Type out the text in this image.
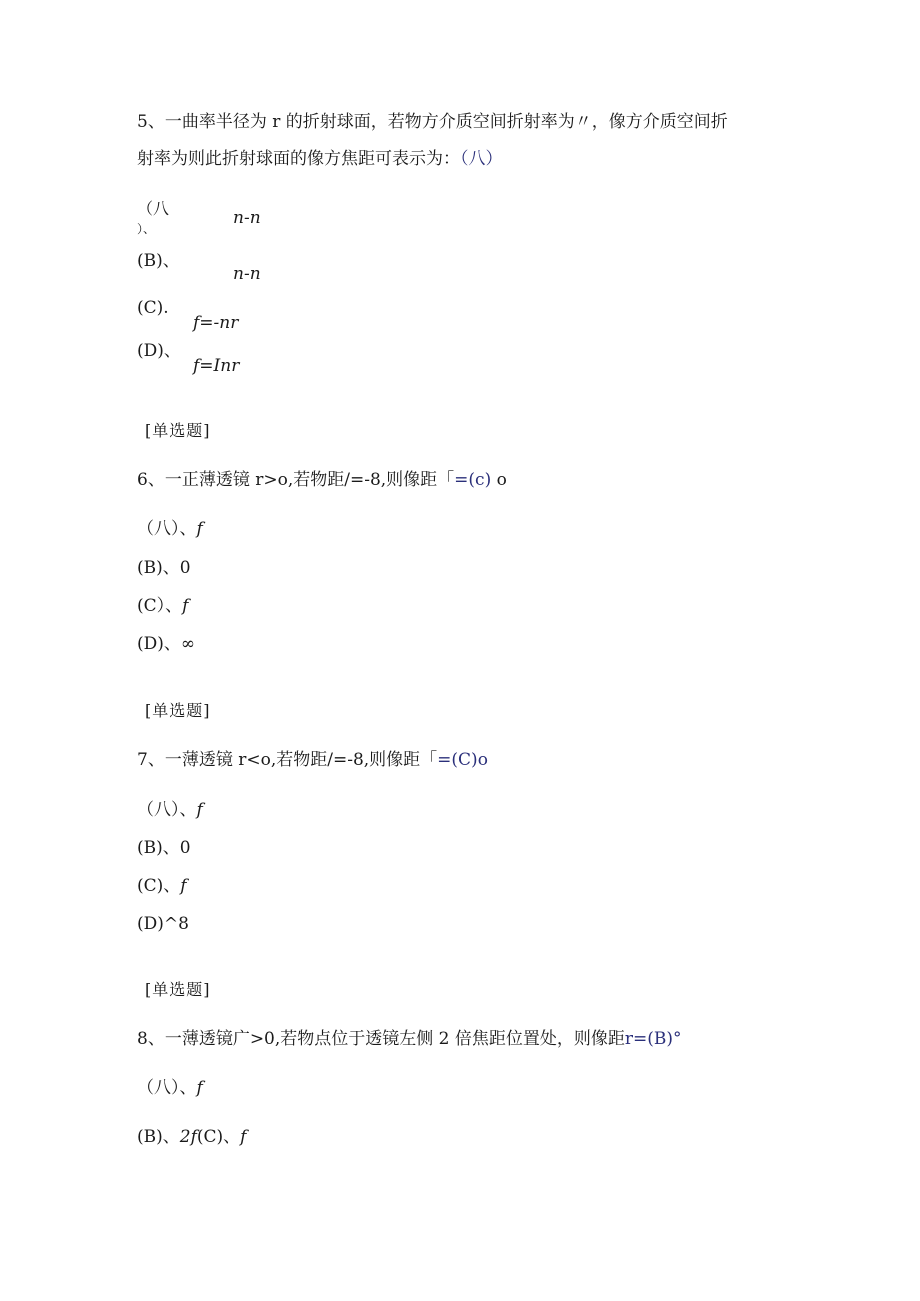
5、一曲率半径为 r 的折射球面，若物方介质空间折射率为〃，像方介质空间折
射率为则此折射球面的像方焦距可表示为：（八）
（八
）、
n-n
(B)、
n-n
(C).
f=-nr
(D)、
f=Inr
[单选题]
6、一正薄透镜 r>o,若物距/=-8,则像距「=(c) o
（八）、f
(B)、0
(C）、f
(D)、∞
[单选题]
7、一薄透镜 r<o,若物距/=-8,则像距「=(C)o
（八）、f
(B)、0
(C)、f
(D)^8
[单选题]
8、一薄透镜广>0,若物点位于透镜左侧 2 倍焦距位置处，则像距r=(B)°
（八）、f
(B)、2f(C)、f
